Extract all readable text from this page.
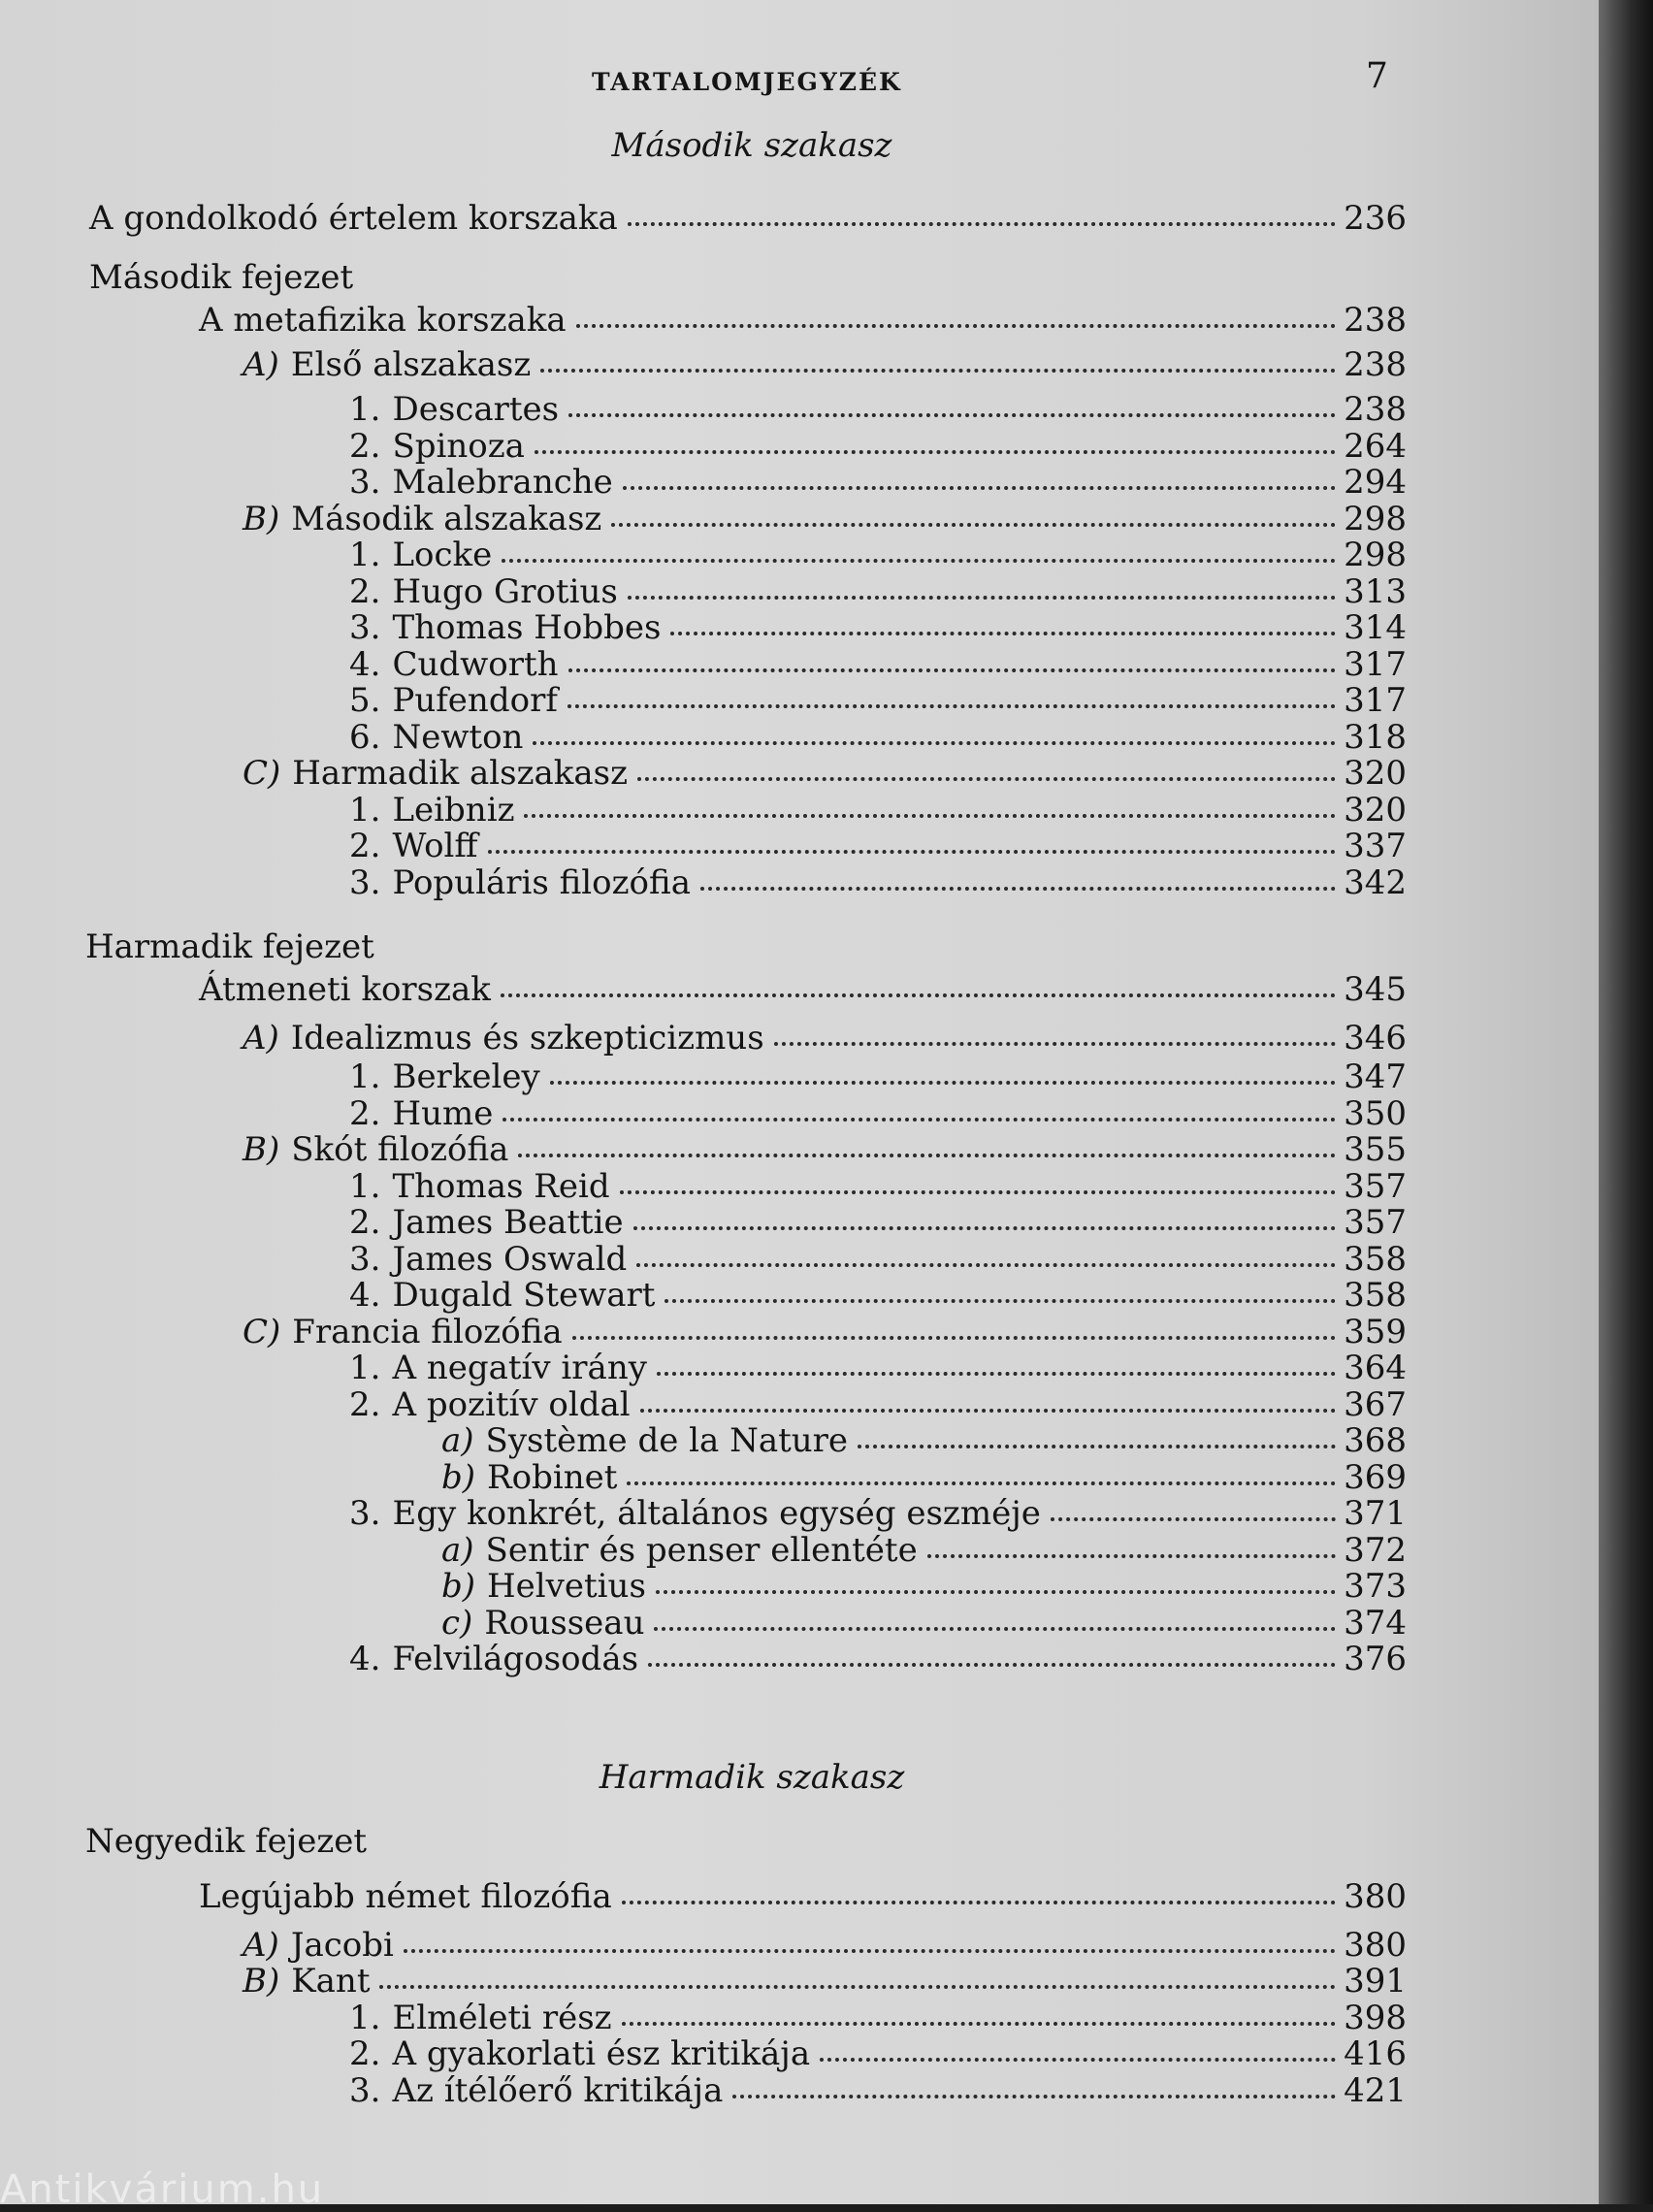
TARTALOMJEGYZÉK	7
Második szakasz
Második fejezet
Harmadik fejezet
Harmadik szakasz
Negyedik fejezet
A gondolkodó értelem korszaka	236
A metafizika korszaka	238
A) Első alszakasz	238
1. Descartes	238
2. Spinoza	264
3. Malebranche	294
B) Második alszakasz	298
1. Locke	298
2. Hugo Grotius	313
3. Thomas Hobbes	314
4. Cudworth	317
5. Pufendorf	317
6. Newton	318
C) Harmadik alszakasz	320
1. Leibniz	320
2. Wolff	337
3. Populáris filozófia	342
Átmeneti korszak	345
A) Idealizmus és szkepticizmus	346
1. Berkeley	347
2. Hume	350
B) Skót filozófia	355
1. Thomas Reid	357
2. James Beattie	357
3. James Oswald	358
4. Dugald Stewart	358
C) Francia filozófia	359
1. A negatív irány	364
2. A pozitív oldal	367
a) Système de la Nature	368
b) Robinet	369
3. Egy konkrét, általános egység eszméje	371
a) Sentir és penser ellentéte	372
b) Helvetius	373
c) Rousseau	374
4. Felvilágosodás	376
Legújabb német filozófia	380
A) Jacobi	380
B) Kant	391
1. Elméleti rész	398
2. A gyakorlati ész kritikája	416
3. Az ítélőerő kritikája	421
Antikvárium.hu
